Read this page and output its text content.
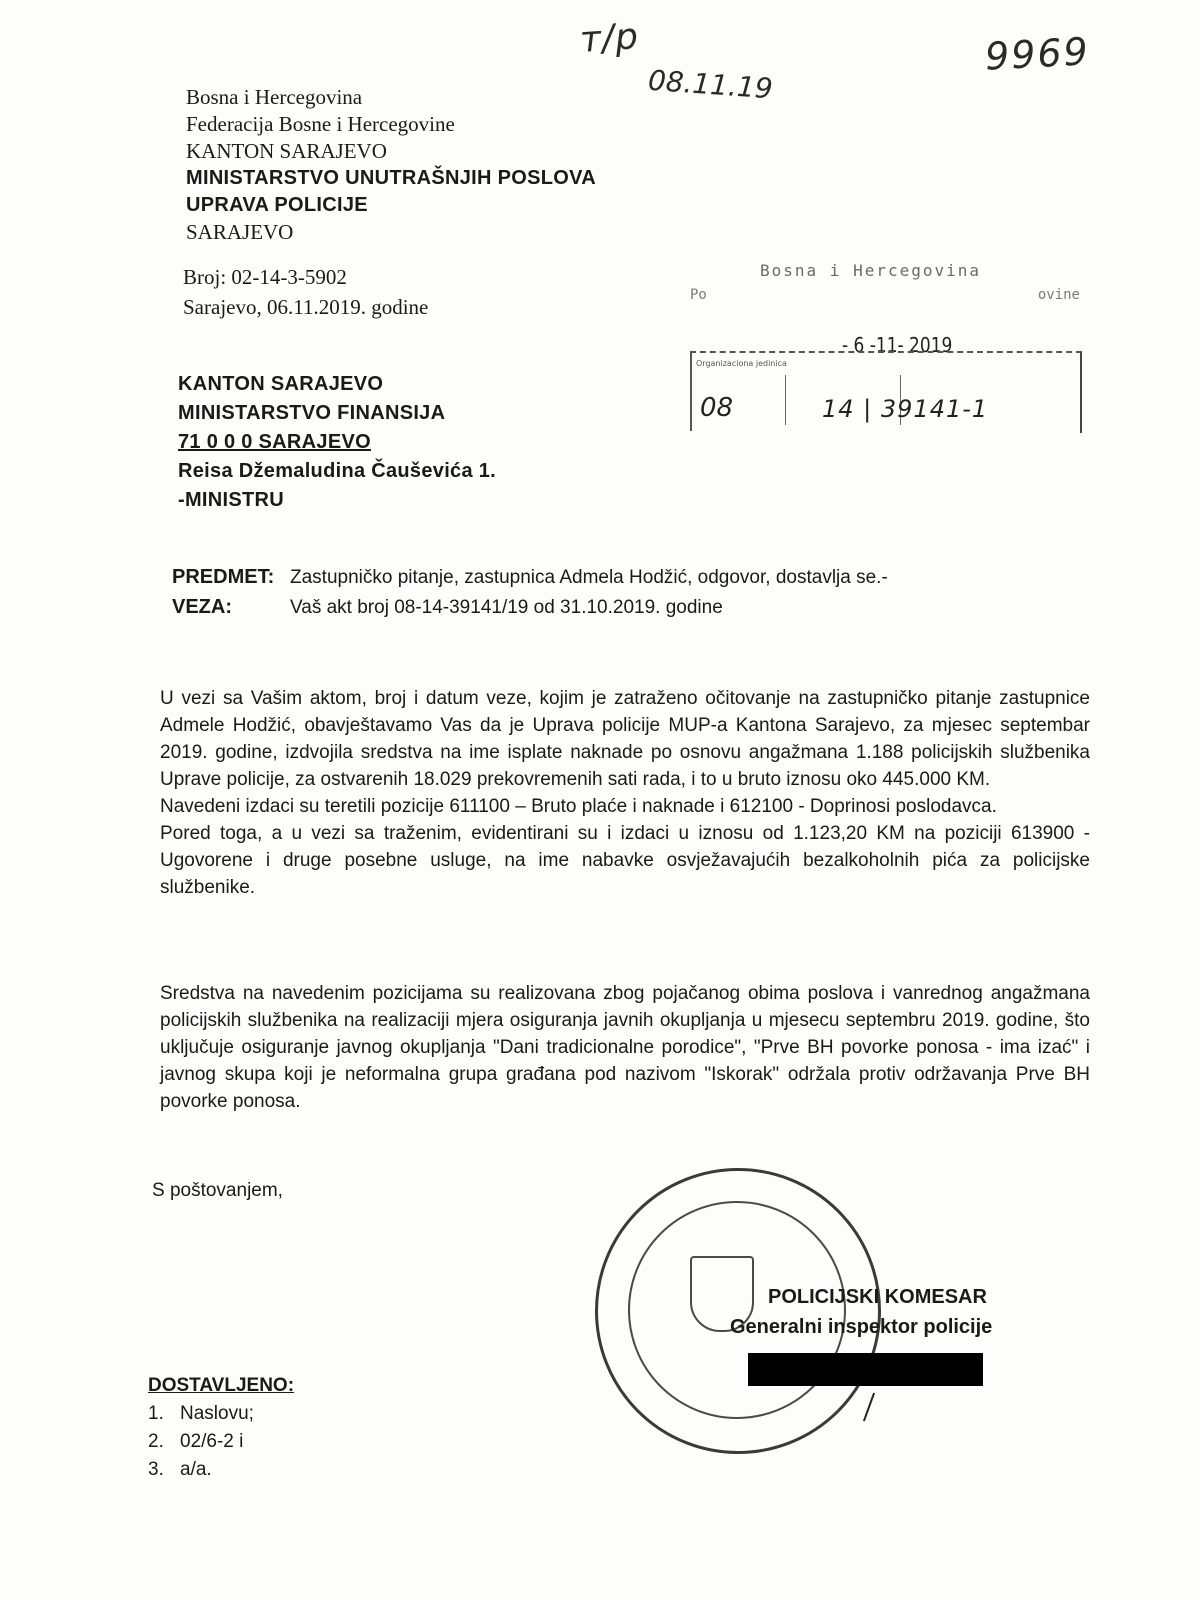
т/р
08.11.19
9969
Bosna i Hercegovina
Federacija Bosne i Hercegovine
KANTON SARAJEVO
MINISTARSTVO UNUTRAŠNJIH POSLOVA
UPRAVA POLICIJE
SARAJEVO
Broj: 02-14-3-5902
Sarajevo, 06.11.2019. godine
Bosna i Hercegovina
Po	ovine
- 6 -11- 2019
Organizaciona jedinica
08	14 | 39141-1
KANTON SARAJEVO
MINISTARSTVO FINANSIJA
71 0 0 0 SARAJEVO
Reisa Džemaludina Čauševića 1.
-MINISTRU
PREDMET: Zastupničko pitanje, zastupnica Admela Hodžić, odgovor, dostavlja se.-
VEZA:	Vaš akt broj 08-14-39141/19 od 31.10.2019. godine
U vezi sa Vašim aktom, broj i datum veze, kojim je zatraženo očitovanje na zastupničko pitanje zastupnice Admele Hodžić, obavještavamo Vas da je Uprava policije MUP-a Kantona Sarajevo, za mjesec septembar 2019. godine, izdvojila sredstva na ime isplate naknade po osnovu angažmana 1.188 policijskih službenika Uprave policije, za ostvarenih 18.029 prekovremenih sati rada, i to u bruto iznosu oko 445.000 KM.
Navedeni izdaci su teretili pozicije 611100 – Bruto plaće i naknade i 612100 - Doprinosi poslodavca.
Pored toga, a u vezi sa traženim, evidentirani su i izdaci u iznosu od 1.123,20 KM na poziciji 613900 - Ugovorene i druge posebne usluge, na ime nabavke osvježavajućih bezalkoholnih pića za policijske službenike.
Sredstva na navedenim pozicijama su realizovana zbog pojačanog obima poslova i vanrednog angažmana policijskih službenika na realizaciji mjera osiguranja javnih okupljanja u mjesecu septembru 2019. godine, što uključuje osiguranje javnog okupljanja "Dani tradicionalne porodice", "Prve BH povorke ponosa - ima izać" i javnog skupa koji je neformalna grupa građana pod nazivom "Iskorak" održala protiv održavanja Prve BH povorke ponosa.
S poštovanjem,
POLICIJSKI KOMESAR
Generalni inspektor policije
DOSTAVLJENO:
1. Naslovu;
2. 02/6-2 i
3. a/a.
